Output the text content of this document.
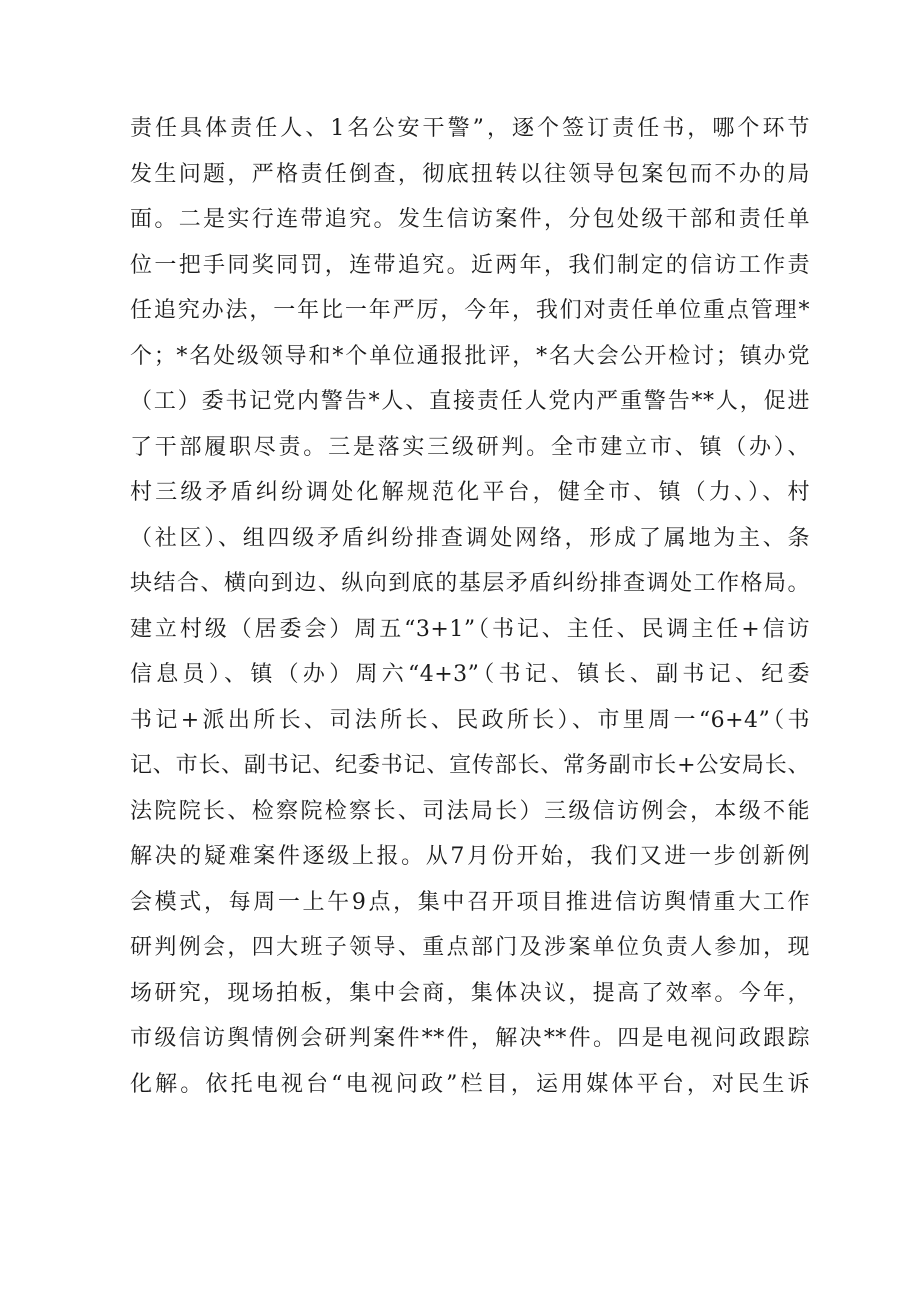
责任具体责任人、1名公安干警”，逐个签订责任书，哪个环节
发生问题，严格责任倒查，彻底扭转以往领导包案包而不办的局
面。二是实行连带追究。发生信访案件，分包处级干部和责任单
位一把手同奖同罚，连带追究。近两年，我们制定的信访工作责
任追究办法，一年比一年严厉，今年，我们对责任单位重点管理*
个；*名处级领导和*个单位通报批评，*名大会公开检讨；镇办党
（工）委书记党内警告*人、直接责任人党内严重警告**人，促进
了干部履职尽责。三是落实三级研判。全市建立市、镇（办）、
村三级矛盾纠纷调处化解规范化平台，健全市、镇（力、）、村
（社区）、组四级矛盾纠纷排查调处网络，形成了属地为主、条
块结合、横向到边、纵向到底的基层矛盾纠纷排查调处工作格局。
建立村级（居委会）周五“3+1”（书记、主任、民调主任+信访
信息员）、镇（办）周六“4+3”（书记、镇长、副书记、纪委
书记+派出所长、司法所长、民政所长）、市里周一“6+4”（书
记、市长、副书记、纪委书记、宣传部长、常务副市长+公安局长、
法院院长、检察院检察长、司法局长）三级信访例会，本级不能
解决的疑难案件逐级上报。从7月份开始，我们又进一步创新例
会模式，每周一上午9点，集中召开项目推进信访舆情重大工作
研判例会，四大班子领导、重点部门及涉案单位负责人参加，现
场研究，现场拍板，集中会商，集体决议，提高了效率。今年，
市级信访舆情例会研判案件**件，解决**件。四是电视问政跟踪
化解。依托电视台“电视问政”栏目，运用媒体平台，对民生诉
